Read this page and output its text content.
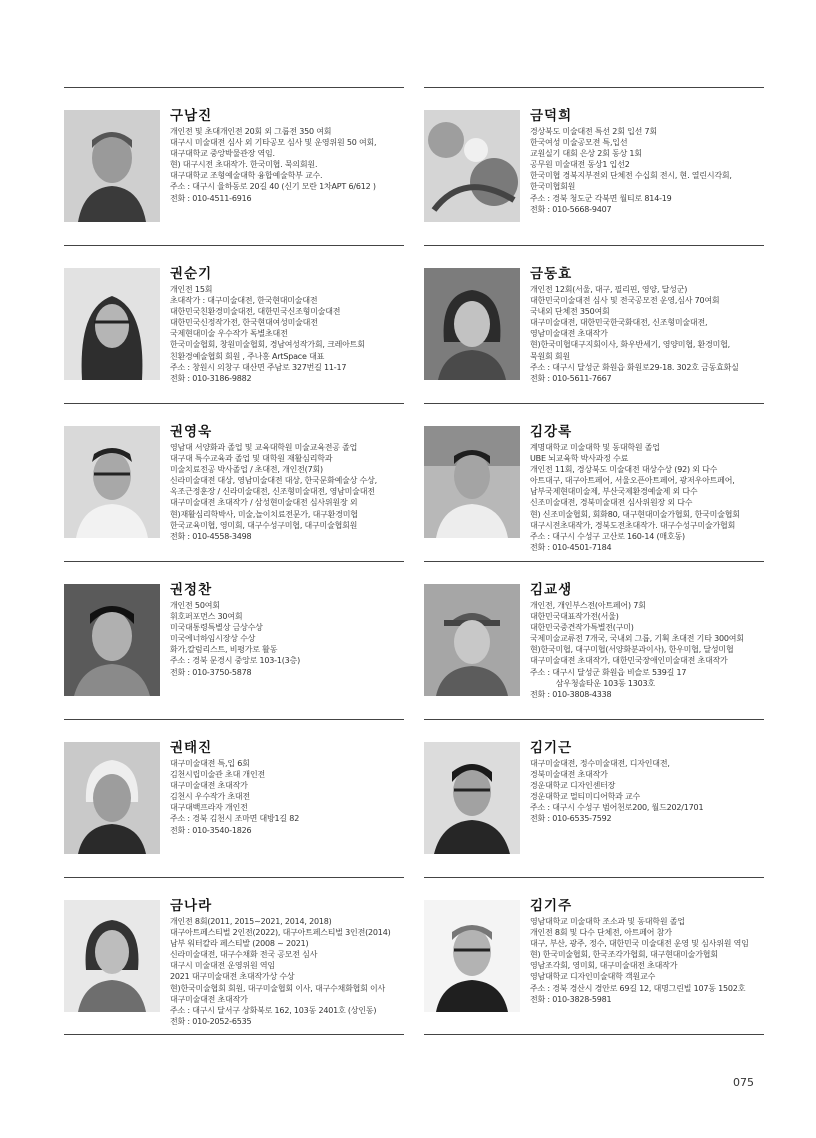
구남진
개인전 및 초대개인전 20회 외 그룹전 350 여회
대구시 미술대전 심사 외 기타공모 심사 및 운영위원 50 여회,
대구대학교 중앙박물관장 역임.
현) 대구시전 초대작가. 한국미협. 묵의회원.
대구대학교 조형예술대학 융합예술학부 교수.
주소 : 대구시 율하동로 20길 40 (신기 모란 1차APT 6/612 )
전화 : 010-4511-6916
권순기
개인전 15회
초대작가 : 대구미술대전, 한국현대미술대전
대한민국친환경미술대전, 대한민국신조형미술대전
대한민국신정작가전, 한국현대여성미술대전
국제현대미술 우수작가 독별초대전
한국미술협회, 창원미술협회, 경남여성작가회, 크레아트회
친환경예술협회 회원 , 주나홍 ArtSpace 대표
주소 : 창원시 의창구 대산면 주남로 327번길 11-17
전화 : 010-3186-9882
권영욱
영남대 서양화과 졸업 및 교육대학원 미술교육전공 졸업
대구대 특수교육과 졸업 및 대학원 재활심리학과
미술치료전공 박사졸업 / 초대전, 개인전(7회)
신라미술대전 대상, 영남미술대전 대상, 한국문화예술상 수상,
옥조근정훈장 / 신라미술대전, 신조형미술대전, 영남미술대전
대구미술대전 초대작가 / 삼성현미술대전 심사위원장 외
현)재활심리학박사, 미술,놀이치료전문가, 대구환경미협
한국교육미협, 영미회, 대구수성구미협, 대구미술협회원
전화 : 010-4558-3498
권정찬
개인전 50여회
휘호퍼포먼스 30여회
미국대통령특별상 금상수상
미국에너하임시장상 수상
화가,칼럼리스트, 비평가로 활동
주소 : 경북 문경시 중앙로 103-1(3층)
전화 : 010-3750-5878
권태진
대구미술대전 특,입 6회
김천시립미술관 초대 개인전
대구미술대전 초대작가
김천시 우수작가 초대전
대구대백프라자 개인전
주소 : 경북 김천시 조마면 대방1길 82
전화 : 010-3540-1826
금나라
개인전 8회(2011, 2015~2021, 2014, 2018)
대구아트페스티벌 2인전(2022), 대구아트페스티벌 3인전(2014)
남부 워터칼라 페스티발 (2008 ~ 2021)
신라미술대전, 대구수채화 전국 공모전 심사
대구시 미술대전 운영위원 역임
2021 대구미술대전 초대작가상 수상
현)한국미술협회 회원, 대구미술협회 이사, 대구수채화협회 이사
대구미술대전 초대작가
주소 : 대구시 달서구 상화북로 162, 103동 2401호 (상인동)
전화 : 010-2052-6535
금덕희
경상북도 미술대전 특선 2회 입선 7회
한국여성 미술공모전 특,입선
교원실기 대회 은상 2회 동상 1회
공무원 미술대전 동상1 입선2
한국미협 경북지부전외 단체전 수십회 전시, 현. 열린시각회,
한국미협회원
주소 : 경북 청도군 각북면 월티로 814-19
전화 : 010-5668-9407
금동효
개인전 12회(서울, 대구, 필리핀, 영양, 달성군)
대한민국미술대전 심사 및 전국공모전 운영,심사 70여회
국내외 단체전 350여회
대구미술대전, 대한민국한국화대전, 신조형미술대전,
영남미술대전 초대작가
현)한국미협대구지회이사, 화우반세기, 영양미협, 환경미협,
묵원회 회원
주소 : 대구시 달성군 화원읍 화원로29-18. 302호 금동효화실
전화 : 010-5611-7667
김강록
계명대학교 미술대학 및 동대학원 졸업
UBE 뇌교육학 박사과정 수료
개인전 11회, 경상북도 미술대전 대상수상 (92) 외 다수
아트대구, 대구아트페어, 서울오픈아트페어, 광저우아트페어,
남부국제현대미술제, 부산국제환경예술제 외 다수
신조미술대전, 경북미술대전 심사위원장 외 다수
현) 신조미술협회, 회화80, 대구현대미술가협회, 한국미술협회
대구시전초대작가, 경북도전초대작가. 대구수성구미술가협회
주소 : 대구시 수성구 고산로 160-14 (매호동)
전화 : 010-4501-7184
김교생
개인전, 개인부스전(아트페어) 7회
대한민국대표작가전(서울)
대한민국중견작가특별전(구미)
국제미술교류전 7개국, 국내외 그룹, 기획 초대전 기타 300여회
현)한국미협, 대구미협(서양화분과이사), 한우미협, 달성미협
대구미술대전 초대작가, 대한민국장애인미술대전 초대작가
주소 : 대구시 달성군 화원읍 비슬로 539길 17
삼우청솔타운 103동 1303호
전화 : 010-3808-4338
김기근
대구미술대전, 정수미술대전, 디자인대전,
경북미술대전 초대작가
경운대학교 디자인센터장
경운대학교 멀티미디어학과 교수
주소 : 대구시 수성구 범어천로200, 월드202/1701
전화 : 010-6535-7592
김기주
영남대학교 미술대학 조소과 및 동대학원 졸업
개인전 8회 및 다수 단체전, 아트페어 참가
대구, 부산, 광주, 정수, 대한민국 미술대전 운영 및 심사위원 역임
현) 한국미술협회, 한국조각가협회, 대구현대미술가협회
영남조각회, 영미회, 대구미술대전 초대작가
영남대학교 디자인미술대학 객원교수
주소 : 경북 경산시 경안로 69길 12, 대명그린빌 107동 1502호
전화 : 010-3828-5981
075
